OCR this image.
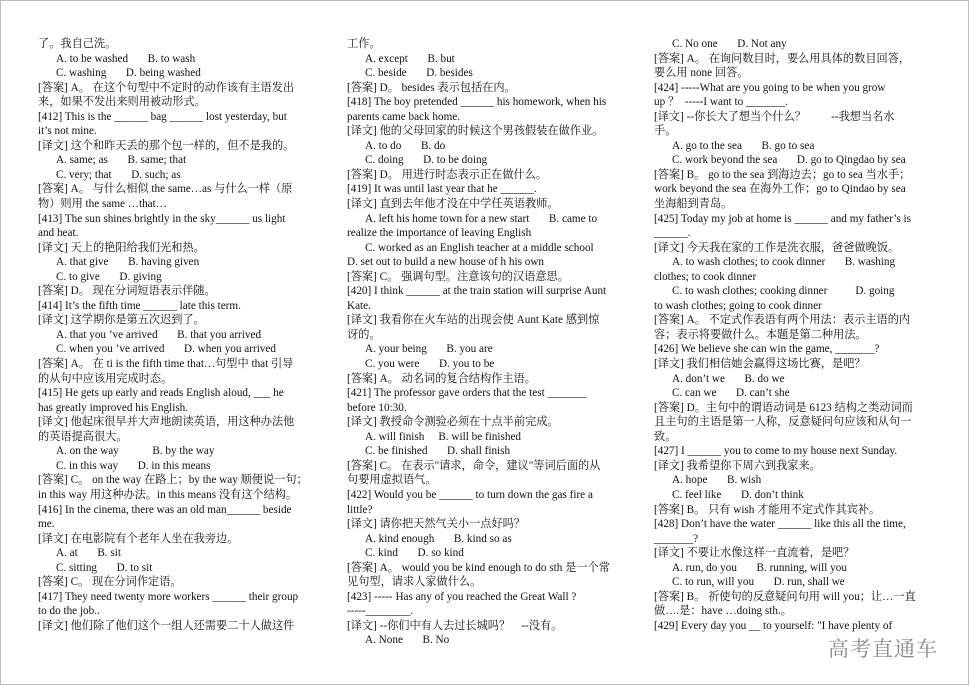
了。我自己洗。
A. to be washed       B. to wash
C. washing       D. being washed
[答案] A。 在这个句型中不定时的动作该有主语发出
来，如果不发出来则用被动形式。
[412] This is the ______ bag ______ lost yesterday, but
it’s not mine.
[译文] 这个和昨天丢的那个包一样的，但不是我的。
A. same; as       B. same; that
C. very; that       D. such; as
[答案] A。 与什么相似 the same…as 与什么一样（原
物）则用 the same …that…
[413] The sun shines brightly in the sky______ us light
and heat.
[译文] 天上的艳阳给我们光和热。
A. that give       B. having given
C. to give       D. giving
[答案] D。 现在分词短语表示伴随。
[414] It’s the fifth time ______ late this term.
[译文] 这学期你是第五次迟到了。
A. that you ’ve arrived       B. that you arrived
C. when you ’ve arrived       D. when you arrived
[答案] A。 在 ti is the fifth time that…句型中 that 引导
的从句中应该用完成时态。
[415] He gets up early and reads English aloud, ___ he
has greatly improved his English.
[译文] 他起床很早并大声地朗读英语，用这种办法他
的英语提高很大。
A. on the way            B. by the way
C. in this way       D. in this means
[答案] C。 on the way 在路上；by the way 顺便说一句；
in this way 用这种办法。in this means 没有这个结构。
[416] In the cinema, there was an old man______ beside
me.
[译文] 在电影院有个老年人坐在我旁边。
A. at       B. sit
C. sitting       D. to sit
[答案] C。 现在分词作定语。
[417] They need twenty more workers ______ their group
to do the job..
[译文] 他们除了他们这个一组人还需要二十人做这件
工作。
A. except       B. but
C. beside       D. besides
[答案] D。 besides 表示包括在内。
[418] The boy pretended ______ his homework, when his
parents came back home.
[译文] 他的父母回家的时候这个男孩假装在做作业。
A. to do       B. do
C. doing       D. to be doing
[答案] D。 用进行时态表示正在做什么。
[419] It was until last year that he ______.
[译文] 直到去年他才没在中学任英语教师。
A. left his home town for a new start       B. came to
realize the importance of leaving English
C. worked as an English teacher at a middle school
D. set out to build a new house of h his own
[答案] C。 强调句型。注意该句的汉语意思。
[420] I think ______ at the train station will surprise Aunt
Kate.
[译文] 我看你在火车站的出现会使 Aunt Kate 感到惊
讶的。
A. your being       B. you are
C. you were       D. you to be
[答案] A。 动名词的复合结构作主语。
[421] The professor gave orders that the test _______
before 10:30.
[译文] 教授命令测验必须在十点半前完成。
A. will finish     B. will be finished
C. be finished       D. shall finish
[答案] C。 在表示"请求，命令，建议"等词后面的从
句要用虚拟语气。
[422] Would you be ______ to turn down the gas fire a
little?
[译文] 请你把天然气关小一点好吗？
A. kind enough       B. kind so as
C. kind       D. so kind
[答案] A。 would you be kind enough to do sth 是一个常
见句型，请求人家做什么。
[423] ----- Has any of you reached the Great Wall ?
-----________.
[译文] --你们中有人去过长城吗？    --没有。
A. None       B. No
C. No one       D. Not any
[答案] A。 在询问数目时，要么用具体的数目回答，
要么用 none 回答。
[424] -----What are you going to be when you grow
up ？  -----I want to _______.
[译文] --你长大了想当个什么？         --我想当名水
手。
A. go to the sea       B. go to sea
C. work beyond the sea       D. go to Qingdao by sea
[答案] B。 go to the sea 到海边去；go to sea 当水手；
work beyond the sea 在海外工作；go to Qindao by sea
坐海船到青岛。
[425] Today my job at home is ______ and my father’s is
______.
[译文] 今天我在家的工作是洗衣服，爸爸做晚饭。
A. to wash clothes; to cook dinner       B. washing
clothes; to cook dinner
C. to wash clothes; cooking dinner          D. going
to wash clothes; going to cook dinner
[答案] A。 不定式作表语有两个用法：表示主语的内
容；表示将要做什么。本题是第二种用法。
[426] We believe she can win the game, _______?
[译文] 我们相信她会赢得这场比赛，是吧？
A. don’t we       B. do we
C. can we       D. can’t she
[答案] D。主句中的谓语动词是 6123 结构之类动词而
且主句的主语是第一人称，反意疑问句应该和从句一
致。
[427] I ______ you to come to my house next Sunday.
[译文] 我希望你下周六到我家来。
A. hope       B. wish
C. feel like       D. don’t think
[答案] B。 只有 wish 才能用不定式作其宾补。
[428] Don’t have the water ______ like this all the time,
_______?
[译文] 不要让水像这样一直流着，是吧？
A. run, do you       B. running, will you
C. to run, will you       D. run, shall we
[答案] B。 祈使句的反意疑问句用 will you；让…一直
做….是：have …doing sth.。
[429] Every day you __ to yourself: "I have plenty of
高考直通车
